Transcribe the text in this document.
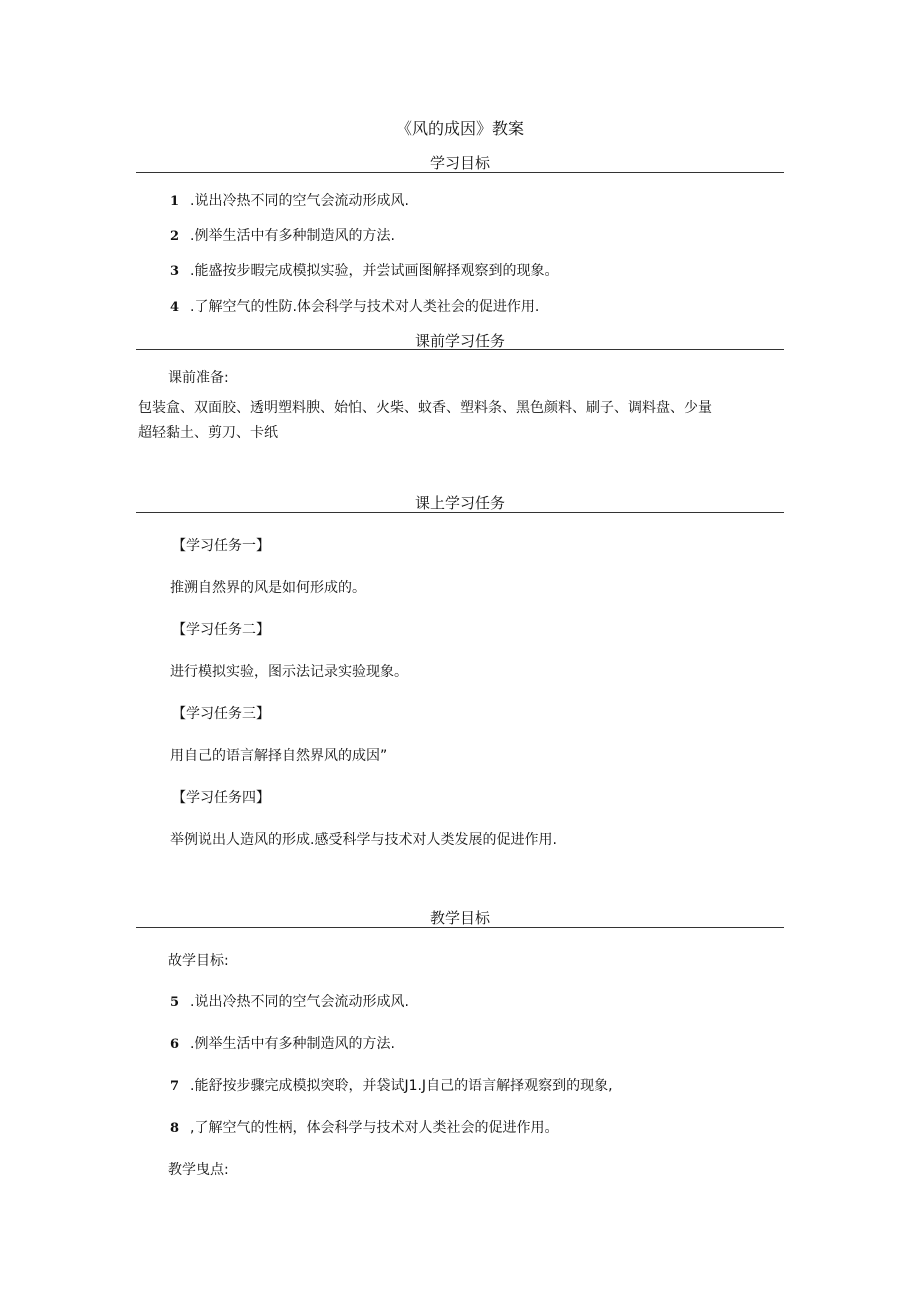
《风的成因》教案
学习目标
1 .说出冷热不同的空气会流动形成风.
2 .例举生活中有多种制造风的方法.
3 .能盛按步暇完成模拟实验，并尝试画图解择观察到的现象。
4 .了解空气的性防.体会科学与技术对人类社会的促进作用.
课前学习任务
课前准备:
包装盒、双面胶、透明塑料腴、始怕、火柴、蚊香、塑料条、黑色颜料、刷子、调料盘、少量
超轻黏土、剪刀、卡纸
课上学习任务
【学习任务一】
推溯自然界的风是如何形成的。
【学习任务二】
进行模拟实验，图示法记录实验现象。
【学习任务三】
用自己的语言解择自然界风的成因”
【学习任务四】
举例说出人造风的形成.感受科学与技术对人类发展的促进作用.
教学目标
故学目标:
5 .说出冷热不同的空气会流动形成风.
6 .例举生活中有多种制造风的方法.
7 .能舒按步骤完成模拟突聆，并袋试J1.J自己的语言解择观察到的现象,
8 ,了解空气的性柄，体会科学与技术对人类社会的促进作用。
教学曳点:
